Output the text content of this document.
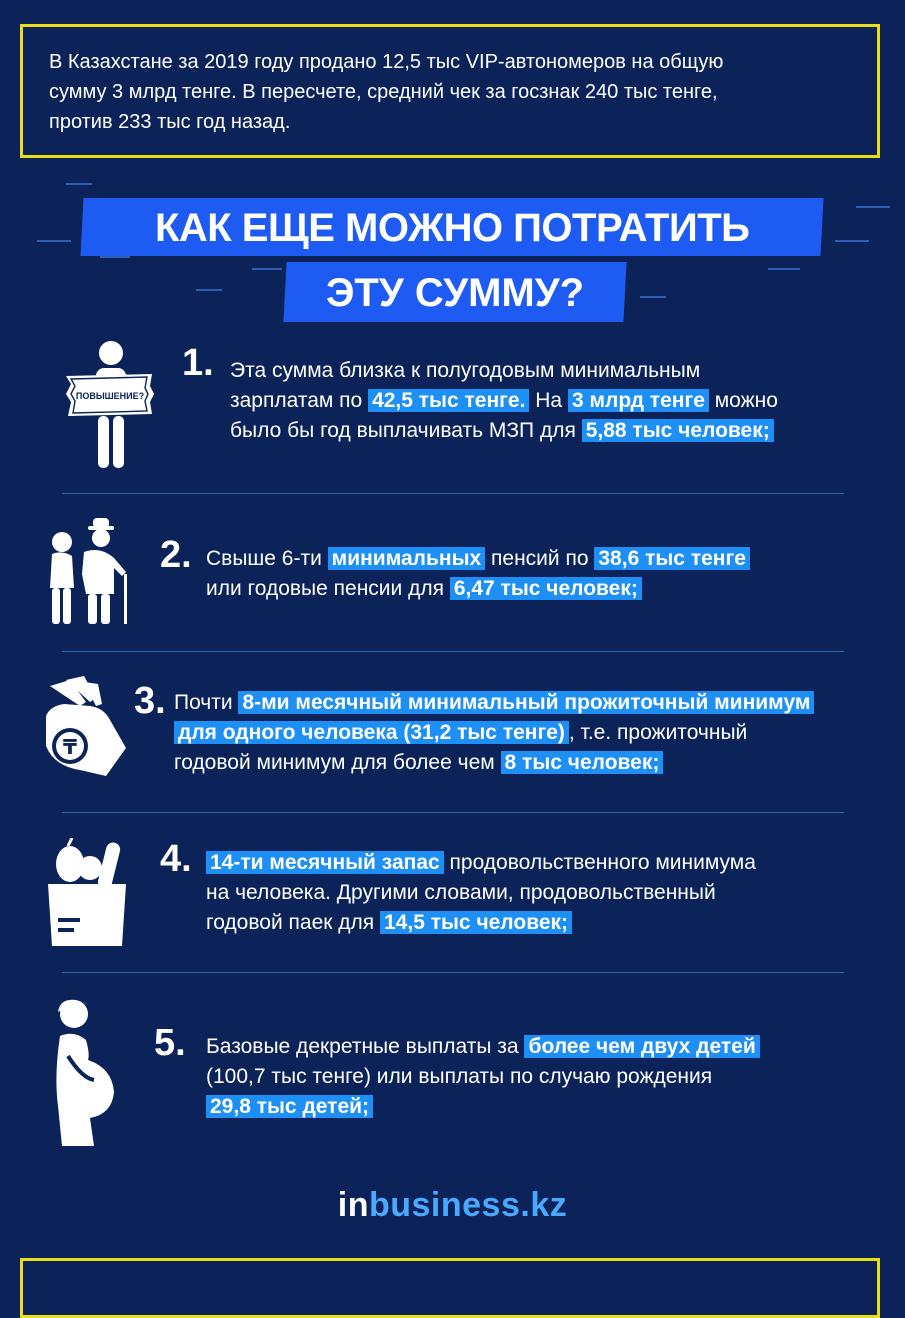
В Казахстане за 2019 году продано 12,5 тыс VIP-автономеров на общую
сумму 3 млрд тенге. В пересчете, средний чек за госзнак 240 тыс тенге,
против 233 тыс год назад.
КАК ЕЩЕ МОЖНО ПОТРАТИТЬ
ЭТУ СУММУ?
ПОВЫШЕНИЕ?
1. Эта сумма близка к полугодовым минимальным
зарплатам по 42,5 тыс тенге. На 3 млрд тенге можно
было бы год выплачивать МЗП для 5,88 тыс человек;
2. Свыше 6-ти минимальных пенсий по 38,6 тыс тенге
или годовые пенсии для 6,47 тыс человек;
₸
3. Почти 8-ми месячный минимальный прожиточный минимум
для одного человека (31,2 тыс тенге) , т.е. прожиточный
годовой минимум для более чем 8 тыс человек;
4. 14-ти месячный запас продовольственного минимума
на человека. Другими словами, продовольственный
годовой паек для 14,5 тыс человек;
5. Базовые декретные выплаты за более чем двух детей
(100,7 тыс тенге) или выплаты по случаю рождения
29,8 тыс детей;
inbusiness.kz
